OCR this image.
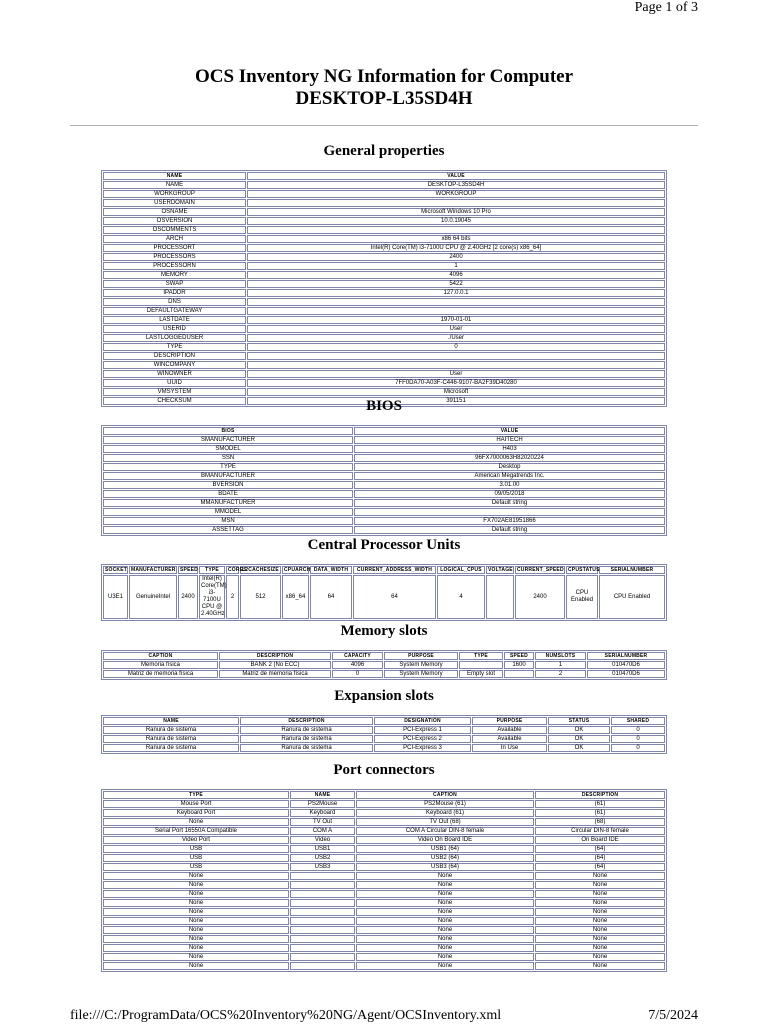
Page 1 of 3
OCS Inventory NG Information for Computer
DESKTOP-L35SD4H
General properties
NAME	VALUE
NAME	DESKTOP-L35SD4H
WORKGROUP	WORKGROUP
USERDOMAIN	
OSNAME	Microsoft Windows 10 Pro
OSVERSION	10.0.19045
OSCOMMENTS	
ARCH	x86 64 bits
PROCESSORT	Intel(R) Core(TM) i3-7100U CPU @ 2.40GHz [2 core(s) x86_64]
PROCESSORS	2400
PROCESSORN	1
MEMORY	4096
SWAP	5422
IPADDR	127.0.0.1
DNS	
DEFAULTGATEWAY	
LASTDATE	1970-01-01
USERID	User
LASTLOGGEDUSER	./User
TYPE	0
DESCRIPTION	
WINCOMPANY	
WINOWNER	User
UUID	7FF0DA70-A03F-C446-9107-BA2F39D40280
VMSYSTEM	Microsoft
CHECKSUM	391151
BIOS
BIOS	VALUE
SMANUFACTURER	HAITECH
SMODEL	H403
SSN	96FX7000063H82020224
TYPE	Desktop
BMANUFACTURER	American Megatrends Inc.
BVERSION	3.01.00
BDATE	09/05/2018
MMANUFACTURER	Default string
MMODEL	
MSN	FX702AE81951866
ASSETTAG	Default string
Central Processor Units
SOCKET	MANUFACTURER	SPEED	TYPE	CORES	L2CACHESIZE	CPUARCH	DATA_WIDTH	CURRENT_ADDRESS_WIDTH	LOGICAL_CPUS	VOLTAGE	CURRENT_SPEED	CPUSTATUS	SERIALNUMBER
U3E1	GenuineIntel	2400	Intel(R) Core(TM) i3-7100U CPU @ 2.40GHz	2	512	x86_64	64	64	4		2400	CPU Enabled	CPU Enabled
Memory slots
CAPTION	DESCRIPTION	CAPACITY	PURPOSE	TYPE	SPEED	NUMSLOTS	SERIALNUMBER
Memoria física	BANK 2 (No ECC)	4096	System Memory		1600	1	010470D6
Matriz de memoria física	Matriz de memoria física	0	System Memory	Empty slot		2	010470D6
Expansion slots
NAME	DESCRIPTION	DESIGNATION	PURPOSE	STATUS	SHARED
Ranura de sistema	Ranura de sistema	PCI-Express 1	Available	OK	0
Ranura de sistema	Ranura de sistema	PCI-Express 2	Available	OK	0
Ranura de sistema	Ranura de sistema	PCI-Express 3	In Use	OK	0
Port connectors
TYPE	NAME	CAPTION	DESCRIPTION
Mouse Port	PS2Mouse	PS2Mouse (61)	(61)
Keyboard Port	Keyboard	Keyboard (61)	(61)
None	TV Out	TV Out (68)	(68)
Serial Port 16550A Compatible	COM A	COM A Circular DIN-8 female	Circular DIN-8 female
Video Port	Video	Video On Board IDE	On Board IDE
USB	USB1	USB1 (64)	(64)
USB	USB2	USB2 (64)	(64)
USB	USB3	USB3 (64)	(64)
None		None	None
None		None	None
None		None	None
None		None	None
None		None	None
None		None	None
None		None	None
None		None	None
None		None	None
None		None	None
None		None	None
file:///C:/ProgramData/OCS%20Inventory%20NG/Agent/OCSInventory.xml	7/5/2024
